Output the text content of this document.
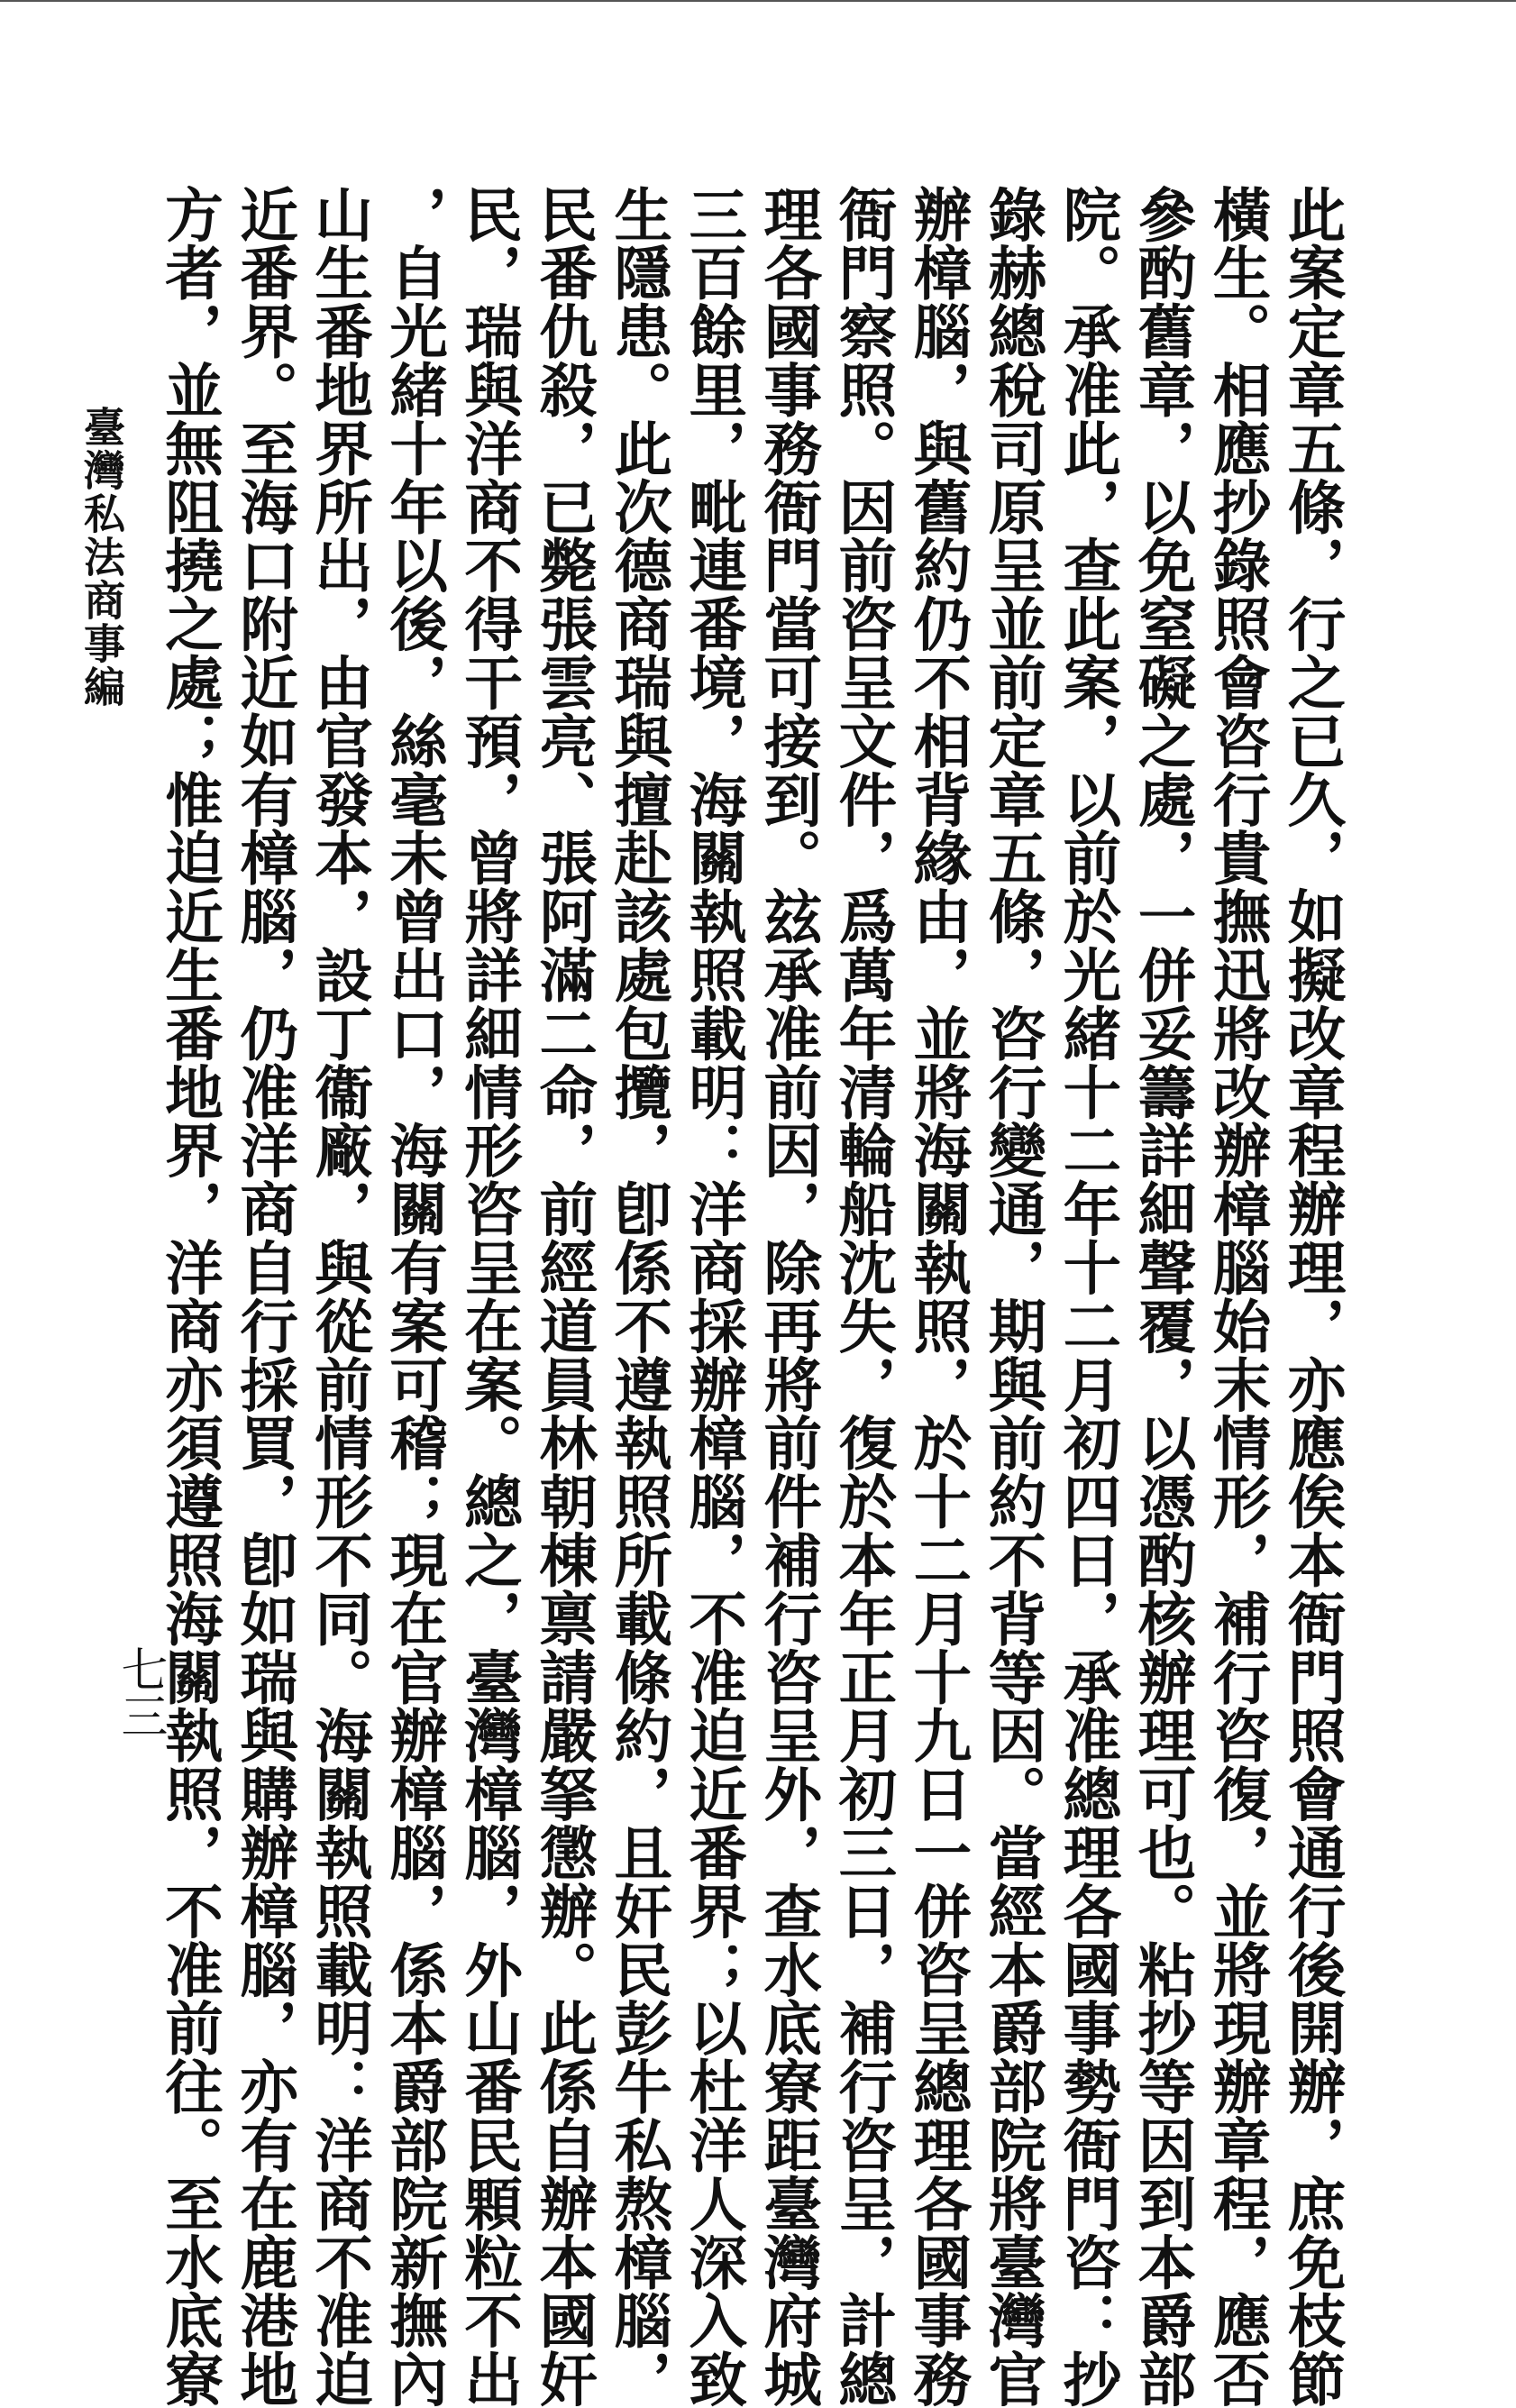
此案定章五條，行之已久，如擬改章程辦理，亦應俟本衙門照會通行後開辦，庶免枝節
橫生。相應抄錄照會咨行貴撫迅將改辦樟腦始末情形，補行咨復，並將現辦章程，應否
參酌舊章，以免窒礙之處，一併妥籌詳細聲覆，以憑酌核辦理可也。粘抄等因到本爵部
院。承准此，查此案，以前於光緒十二年十二月初四日，承准總理各國事勢衙門咨：抄
錄赫總稅司原呈並前定章五條，咨行變通，期與前約不背等因。當經本爵部院將臺灣官
辦樟腦，與舊約仍不相背緣由，並將海關執照，於十二月十九日一併咨呈總理各國事務
衙門察照。因前咨呈文件，爲萬年清輪船沈失，復於本年正月初三日，補行咨呈，計總
理各國事務衙門當可接到。玆承准前因，除再將前件補行咨呈外，查水底寮距臺灣府城
三百餘里，毗連番境，海關執照載明：洋商採辦樟腦，不准迫近番界；以杜洋人深入致
生隱患。此次德商瑞與擅赴該處包攬，卽係不遵執照所載條約，且奸民彭牛私熬樟腦，
民番仇殺，已斃張雲亮、張阿滿二命，前經道員林朝棟禀請嚴拏懲辦。此係自辦本國奸
民，瑞與洋商不得干預，曾將詳細情形咨呈在案。總之，臺灣樟腦，外山番民顆粒不出
，自光緒十年以後，絲毫未曾出口，海關有案可稽；現在官辦樟腦，係本爵部院新撫內
山生番地界所出，由官發本，設丁衞廠，與從前情形不同。海關執照載明：洋商不准迫
近番界。至海口附近如有樟腦，仍准洋商自行採買，卽如瑞與購辦樟腦，亦有在鹿港地
方者，並無阻撓之處；惟迫近生番地界，洋商亦須遵照海關執照，不准前往。至水底寮
臺灣私法商事編
七三
